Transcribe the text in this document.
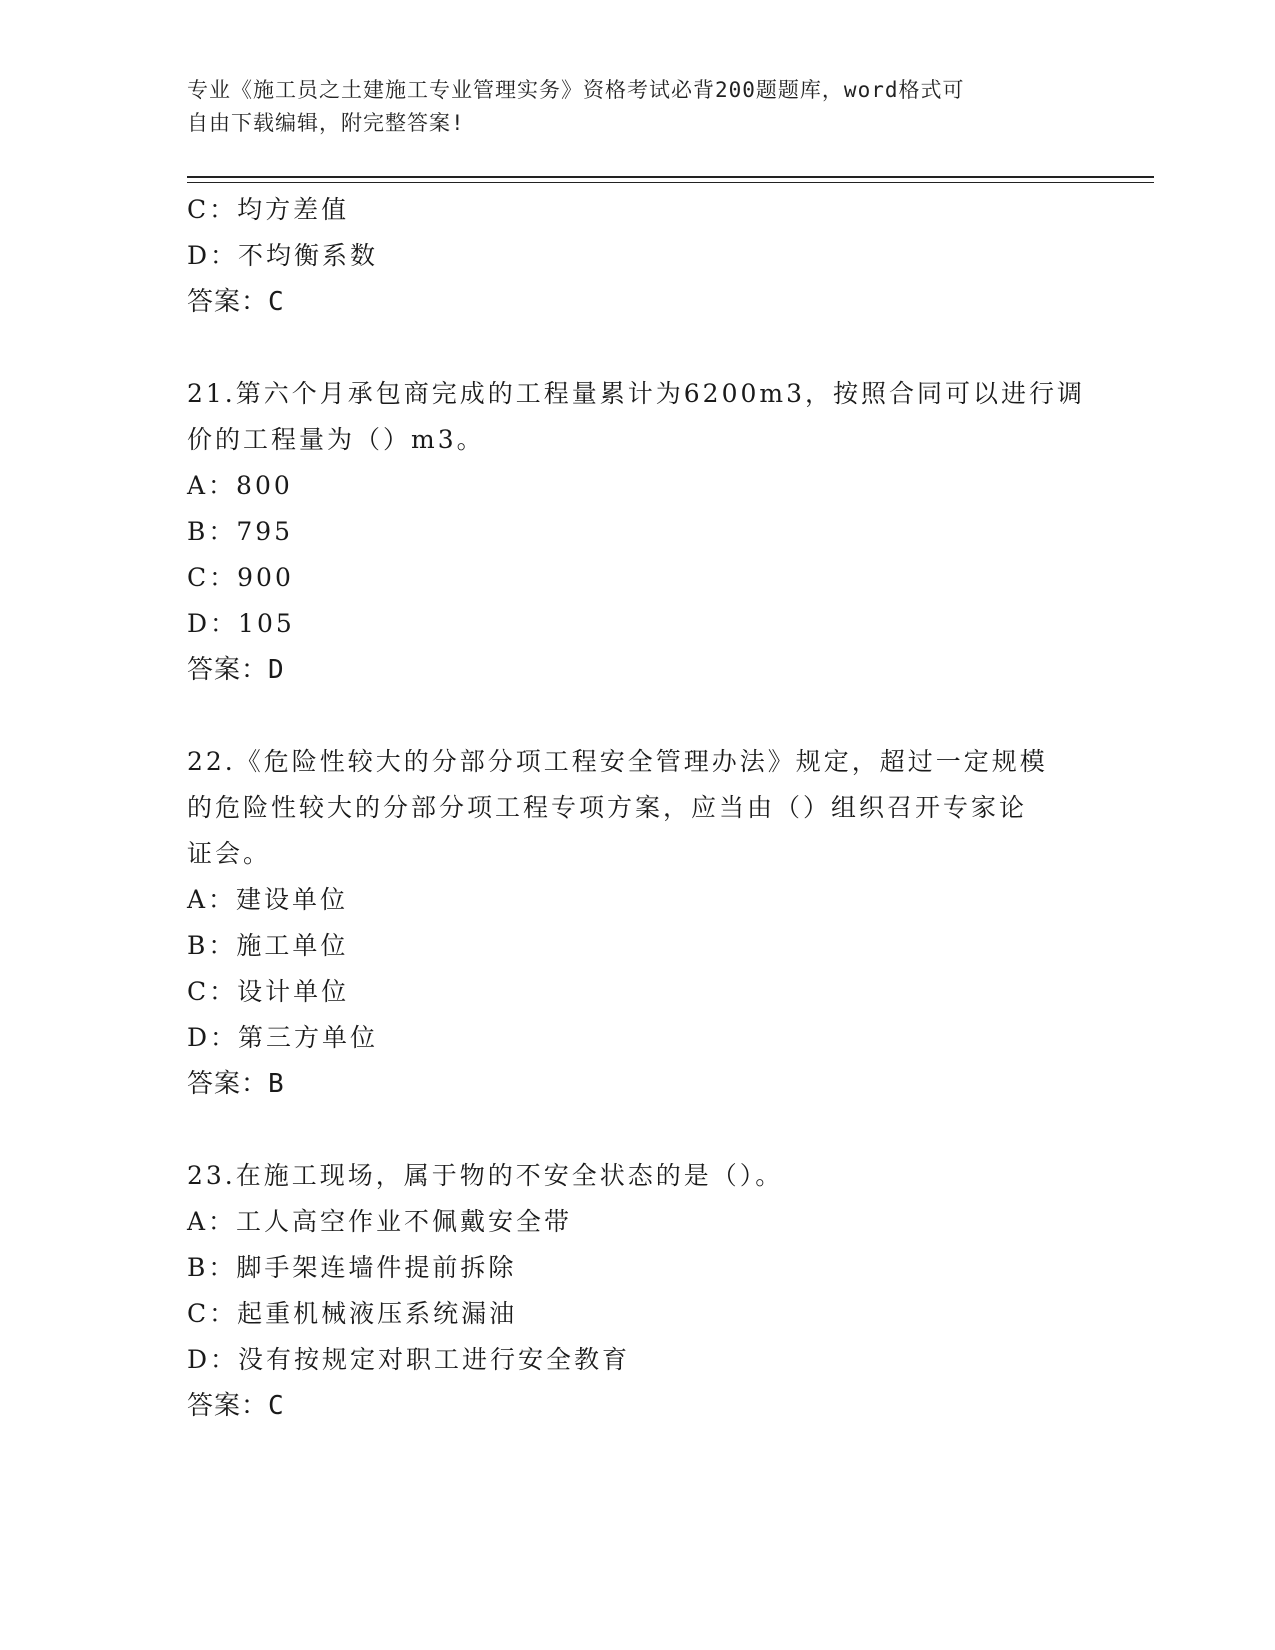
专业《施工员之土建施工专业管理实务》资格考试必背200题题库，word格式可
自由下载编辑，附完整答案!
C：均方差值
D：不均衡系数
答案：C
21.第六个月承包商完成的工程量累计为6200m3，按照合同可以进行调
价的工程量为（）m3。
A：800
B：795
C：900
D：105
答案：D
22.《危险性较大的分部分项工程安全管理办法》规定，超过一定规模
的危险性较大的分部分项工程专项方案，应当由（）组织召开专家论
证会。
A：建设单位
B：施工单位
C：设计单位
D：第三方单位
答案：B
23.在施工现场，属于物的不安全状态的是（）。
A：工人高空作业不佩戴安全带
B：脚手架连墙件提前拆除
C：起重机械液压系统漏油
D：没有按规定对职工进行安全教育
答案：C
